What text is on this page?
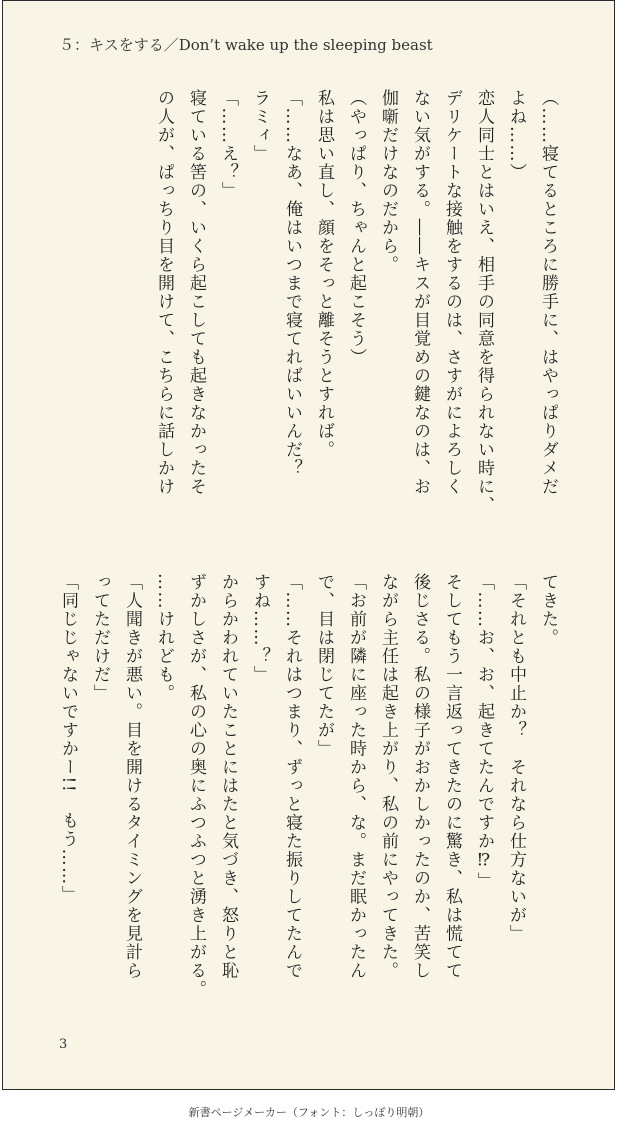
５：キスをする／Don’t wake up the sleeping beast
（……寝てるところに勝手に、はやっぱりダメだ
よね……）
恋人同士とはいえ、相手の同意を得られない時に、
デリケートな接触をするのは、さすがによろしく
ない気がする。――キスが目覚めの鍵なのは、お
伽噺だけなのだから。
（やっぱり、ちゃんと起こそう）
私は思い直し、顔をそっと離そうとすれば。
「……なあ、俺はいつまで寝てればいいんだ？
ラミィ」
「……え？」
寝ている筈の、いくら起こしても起きなかったそ
の人が、ぱっちり目を開けて、こちらに話しかけ
てきた。
「それとも中止か？　それなら仕方ないが」
「……お、お、起きてたんですか⁉」
そしてもう一言返ってきたのに驚き、私は慌てて
後じさる。私の様子がおかしかったのか、苦笑し
ながら主任は起き上がり、私の前にやってきた。
「お前が隣に座った時から、な。まだ眠かったん
で、目は閉じてたが」
「……それはつまり、ずっと寝た振りしてたんで
すね……？」
からかわれていたことにはたと気づき、怒りと恥
ずかしさが、私の心の奥にふつふつと湧き上がる。
……けれども。
「人聞きが悪い。目を開けるタイミングを見計ら
ってただけだ」
「同じじゃないですかー!!　もう……」
3
新書ページメーカー（フォント：しっぽり明朝）
